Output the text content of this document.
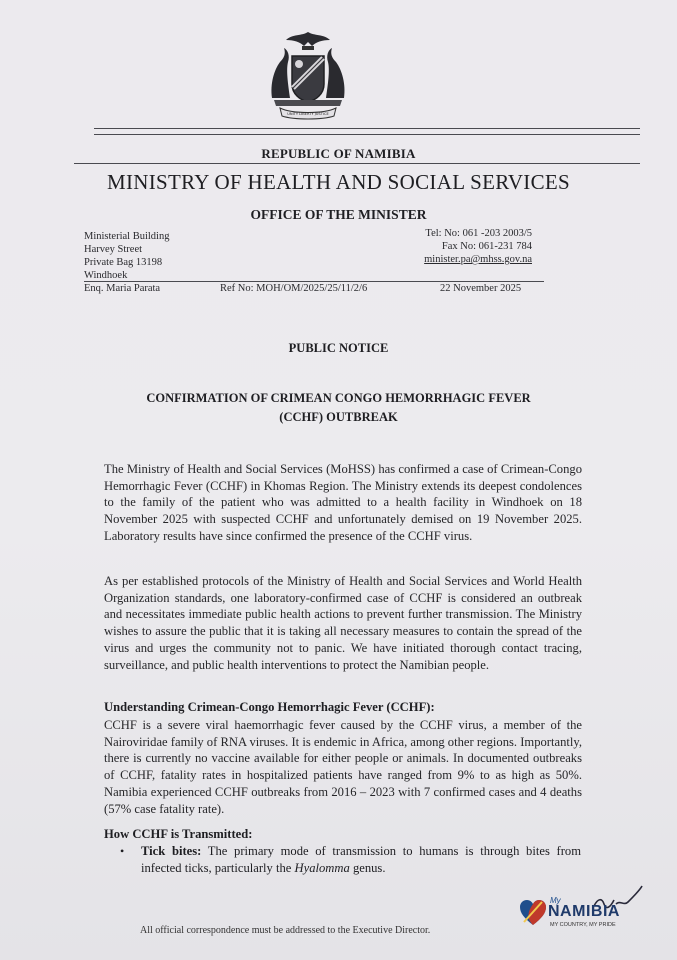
UNITY LIBERTY JUSTICE
REPUBLIC OF NAMIBIA
MINISTRY OF HEALTH AND SOCIAL SERVICES
OFFICE OF THE MINISTER
Ministerial Building
Harvey Street
Private Bag 13198
Windhoek
Tel: No: 061 -203 2003/5
Fax No: 061-231 784
minister.pa@mhss.gov.na
Enq. Maria Parata	Ref No: MOH/OM/2025/25/11/2/6	22 November 2025
PUBLIC NOTICE
CONFIRMATION OF CRIMEAN CONGO HEMORRHAGIC FEVER
(CCHF) OUTBREAK
The Ministry of Health and Social Services (MoHSS) has confirmed a case of Crimean-Congo Hemorrhagic Fever (CCHF) in Khomas Region. The Ministry extends its deepest condolences to the family of the patient who was admitted to a health facility in Windhoek on 18 November 2025 with suspected CCHF and unfortunately demised on 19 November 2025. Laboratory results have since confirmed the presence of the CCHF virus.
As per established protocols of the Ministry of Health and Social Services and World Health Organization standards, one laboratory-confirmed case of CCHF is considered an outbreak and necessitates immediate public health actions to prevent further transmission. The Ministry wishes to assure the public that it is taking all necessary measures to contain the spread of the virus and urges the community not to panic. We have initiated thorough contact tracing, surveillance, and public health interventions to protect the Namibian people.
Understanding Crimean-Congo Hemorrhagic Fever (CCHF):
CCHF is a severe viral haemorrhagic fever caused by the CCHF virus, a member of the Nairoviridae family of RNA viruses. It is endemic in Africa, among other regions. Importantly, there is currently no vaccine available for either people or animals. In documented outbreaks of CCHF, fatality rates in hospitalized patients have ranged from 9% to as high as 50%. Namibia experienced CCHF outbreaks from 2016 – 2023 with 7 confirmed cases and 4 deaths (57% case fatality rate).
How CCHF is Transmitted:
• Tick bites: The primary mode of transmission to humans is through bites from infected ticks, particularly the Hyalomma genus.
All official correspondence must be addressed to the Executive Director.
My
NAMIBIA
MY COUNTRY, MY PRIDE
